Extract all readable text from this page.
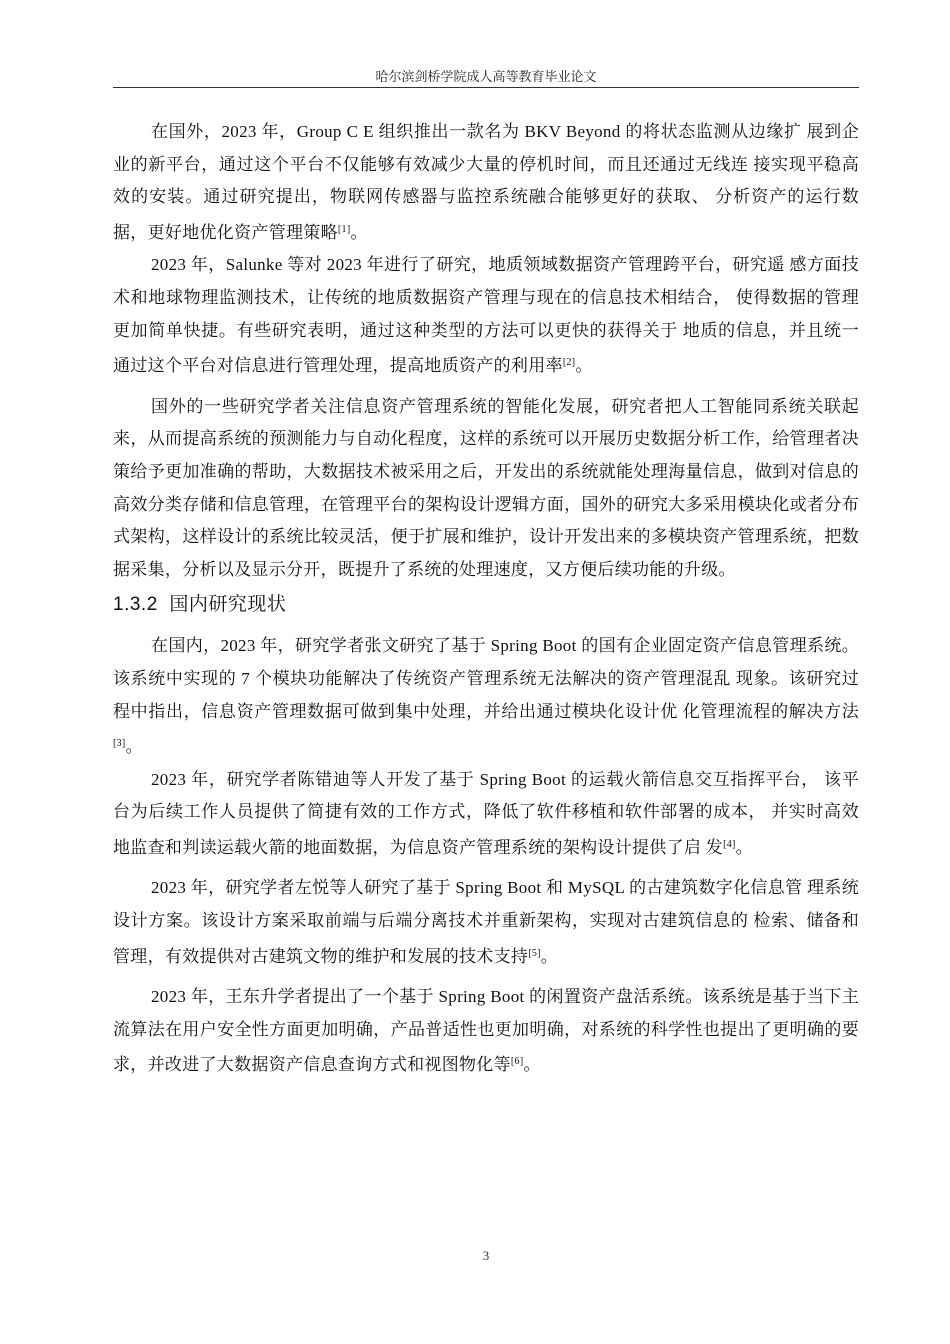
哈尔滨剑桥学院成人高等教育毕业论文

在国外，2023 年，Group C E 组织推出一款名为 BKV Beyond 的将状态监测从边缘扩 展到企业的新平台，通过这个平台不仅能够有效减少大量的停机时间，而且还通过无线连 接实现平稳高效的安装。通过研究提出，物联网传感器与监控系统融合能够更好的获取、 分析资产的运行数据，更好地优化资产管理策略[1]。

2023 年，Salunke 等对 2023 年进行了研究，地质领域数据资产管理跨平台，研究遥 感方面技术和地球物理监测技术，让传统的地质数据资产管理与现在的信息技术相结合， 使得数据的管理更加简单快捷。有些研究表明，通过这种类型的方法可以更快的获得关于 地质的信息，并且统一通过这个平台对信息进行管理处理，提高地质资产的利用率[2]。

国外的一些研究学者关注信息资产管理系统的智能化发展，研究者把人工智能同系统关联起来，从而提高系统的预测能力与自动化程度，这样的系统可以开展历史数据分析工作，给管理者决策给予更加准确的帮助，大数据技术被采用之后，开发出的系统就能处理海量信息，做到对信息的高效分类存储和信息管理，在管理平台的架构设计逻辑方面，国外的研究大多采用模块化或者分布式架构，这样设计的系统比较灵活，便于扩展和维护，设计开发出来的多模块资产管理系统，把数据采集，分析以及显示分开，既提升了系统的处理速度，又方便后续功能的升级。

1.3.2 国内研究现状

在国内，2023 年，研究学者张文研究了基于 Spring Boot 的国有企业固定资产信息管理系统。该系统中实现的 7 个模块功能解决了传统资产管理系统无法解决的资产管理混乱 现象。该研究过程中指出，信息资产管理数据可做到集中处理，并给出通过模块化设计优 化管理流程的解决方法[3]。

2023 年，研究学者陈错迪等人开发了基于 Spring Boot 的运载火箭信息交互指挥平台， 该平台为后续工作人员提供了简捷有效的工作方式，降低了软件移植和软件部署的成本， 并实时高效地监查和判读运载火箭的地面数据，为信息资产管理系统的架构设计提供了启 发[4]。

2023 年，研究学者左悦等人研究了基于 Spring Boot 和 MySQL 的古建筑数字化信息管 理系统设计方案。该设计方案采取前端与后端分离技术并重新架构，实现对古建筑信息的 检索、储备和管理，有效提供对古建筑文物的维护和发展的技术支持[5]。

2023 年，王东升学者提出了一个基于 Spring Boot 的闲置资产盘活系统。该系统是基于当下主流算法在用户安全性方面更加明确，产品普适性也更加明确，对系统的科学性也提出了更明确的要求，并改进了大数据资产信息查询方式和视图物化等[6]。

3
